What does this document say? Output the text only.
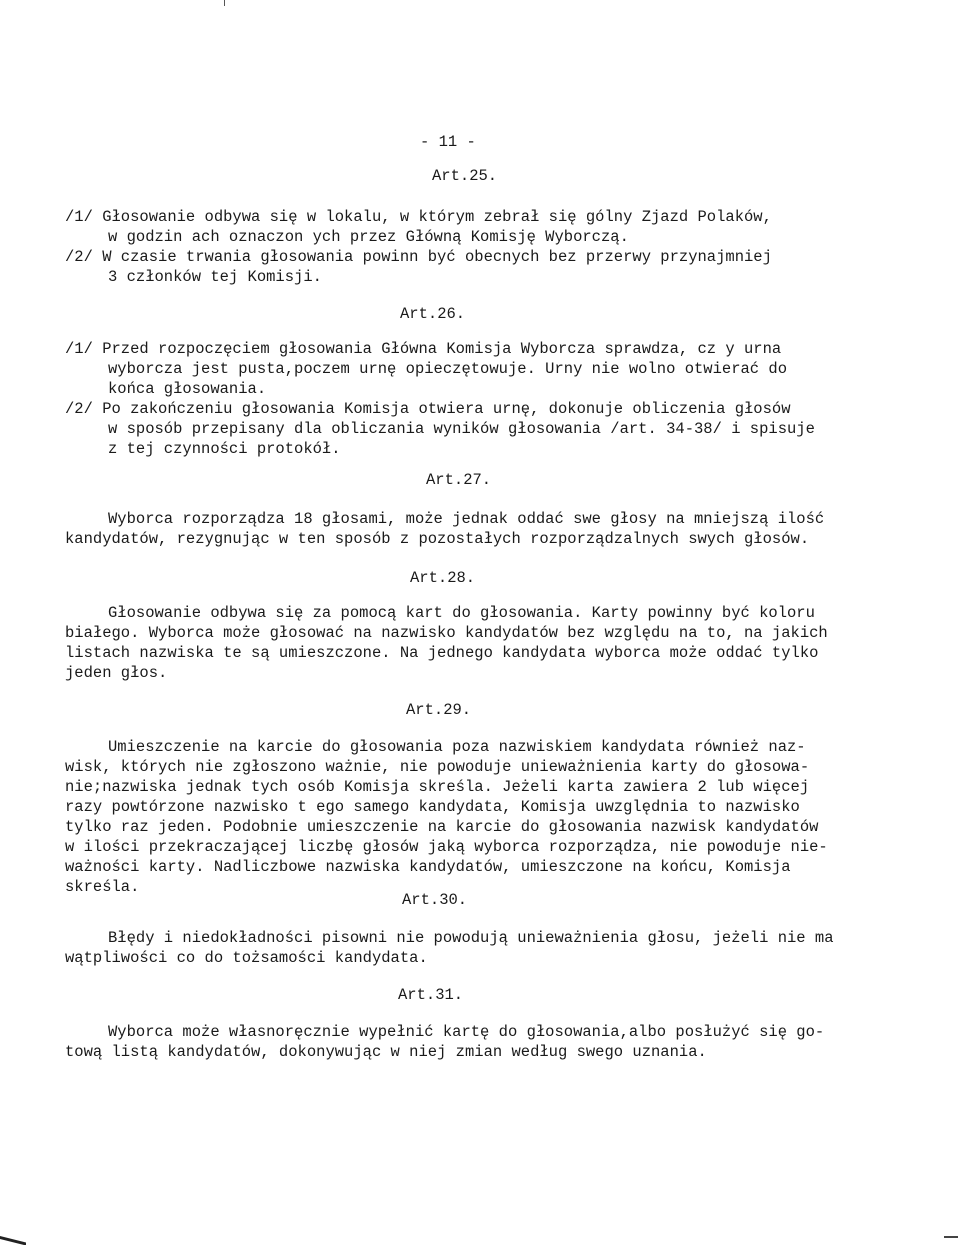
- 11 -
Art.25.
/1/ Głosowanie odbywa się w lokalu, w którym zebrał się gólny Zjazd Polaków,
w godzin ach oznaczon ych przez Główną Komisję Wyborczą.
/2/ W czasie trwania głosowania powinn być obecnych bez przerwy przynajmniej
3 członków tej Komisji.
Art.26.
/1/ Przed rozpoczęciem głosowania Główna Komisja Wyborcza sprawdza, cz y urna
wyborcza jest pusta,poczem urnę opieczętowuje. Urny nie wolno otwierać do
końca głosowania.
/2/ Po zakończeniu głosowania Komisja otwiera urnę, dokonuje obliczenia głosów
w sposób przepisany dla obliczania wyników głosowania /art. 34-38/ i spisuje
z tej czynności protokół.
Art.27.
Wyborca rozporządza 18 głosami, może jednak oddać swe głosy na mniejszą ilość
kandydatów, rezygnując w ten sposób z pozostałych rozporządzalnych swych głosów.
Art.28.
Głosowanie odbywa się za pomocą kart do głosowania. Karty powinny być koloru
białego. Wyborca może głosować na nazwisko kandydatów bez względu na to, na jakich
listach nazwiska te są umieszczone. Na jednego kandydata wyborca może oddać tylko
jeden głos.
Art.29.
Umieszczenie na karcie do głosowania poza nazwiskiem kandydata również naz-
wisk, których nie zgłoszono ważnie, nie powoduje unieważnienia karty do głosowa-
nie;nazwiska jednak tych osób Komisja skreśla. Jeżeli karta zawiera 2 lub więcej
razy powtórzone nazwisko t ego samego kandydata, Komisja uwzględnia to nazwisko
tylko raz jeden. Podobnie umieszczenie na karcie do głosowania nazwisk kandydatów
w ilości przekraczającej liczbę głosów jaką wyborca rozporządza, nie powoduje nie-
ważności karty. Nadliczbowe nazwiska kandydatów, umieszczone na końcu, Komisja
skreśla.
Art.30.
Błędy i niedokładności pisowni nie powodują unieważnienia głosu, jeżeli nie ma
wątpliwości co do tożsamości kandydata.
Art.31.
Wyborca może własnoręcznie wypełnić kartę do głosowania,albo posłużyć się go-
tową listą kandydatów, dokonywując w niej zmian według swego uznania.
